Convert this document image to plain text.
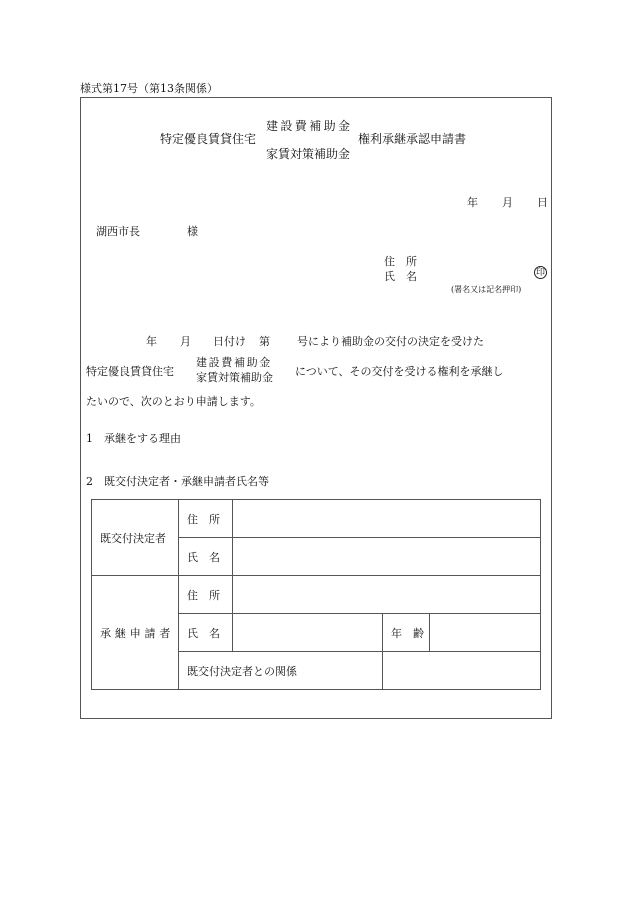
様式第17号（第13条関係）
特定優良賃貸住宅
建設費補助金
家賃対策補助金
権利承継承認申請書
年 月 日
湖西市長	様
住　所
氏　名	印
(署名又は記名押印)
年 月 日付け 第 号により補助金の交付の決定を受けた
特定優良賃貸住宅
建設費補助金
家賃対策補助金 について、その交付を受ける権利を承継し
たいので、次のとおり申請します。
1　承継をする理由
2　既交付決定者・承継申請者氏名等
既交付決定者	住　所			
	氏　名			
承継申請者	住　所			
	氏　名		年　齢	
	既交付決定者との関係			
